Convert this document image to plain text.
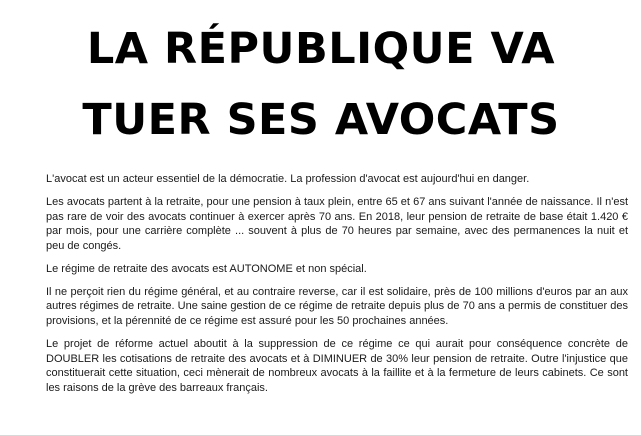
LA RÉPUBLIQUE VA
TUER SES AVOCATS

L'avocat est un acteur essentiel de la démocratie. La profession d'avocat est aujourd'hui en danger.

Les avocats partent à la retraite, pour une pension à taux plein, entre 65 et 67 ans suivant l'année de naissance. Il n'est pas rare de voir des avocats continuer à exercer après 70 ans. En 2018, leur pension de retraite de base était 1.420 € par mois, pour une carrière complète ... souvent à plus de 70 heures par semaine, avec des permanences la nuit et peu de congés.

Le régime de retraite des avocats est AUTONOME et non spécial.

Il ne perçoit rien du régime général, et au contraire reverse, car il est solidaire, près de 100 millions d'euros par an aux autres régimes de retraite. Une saine gestion de ce régime de retraite depuis plus de 70 ans a permis de constituer des provisions, et la pérennité de ce régime est assuré pour les 50 prochaines années.

Le projet de réforme actuel aboutit à la suppression de ce régime ce qui aurait pour conséquence concrète de DOUBLER les cotisations de retraite des avocats et à DIMINUER de 30% leur pension de retraite. Outre l'injustice que constituerait cette situation, ceci mènerait de nombreux avocats à la faillite et à la fermeture de leurs cabinets. Ce sont les raisons de la grève des barreaux français.
